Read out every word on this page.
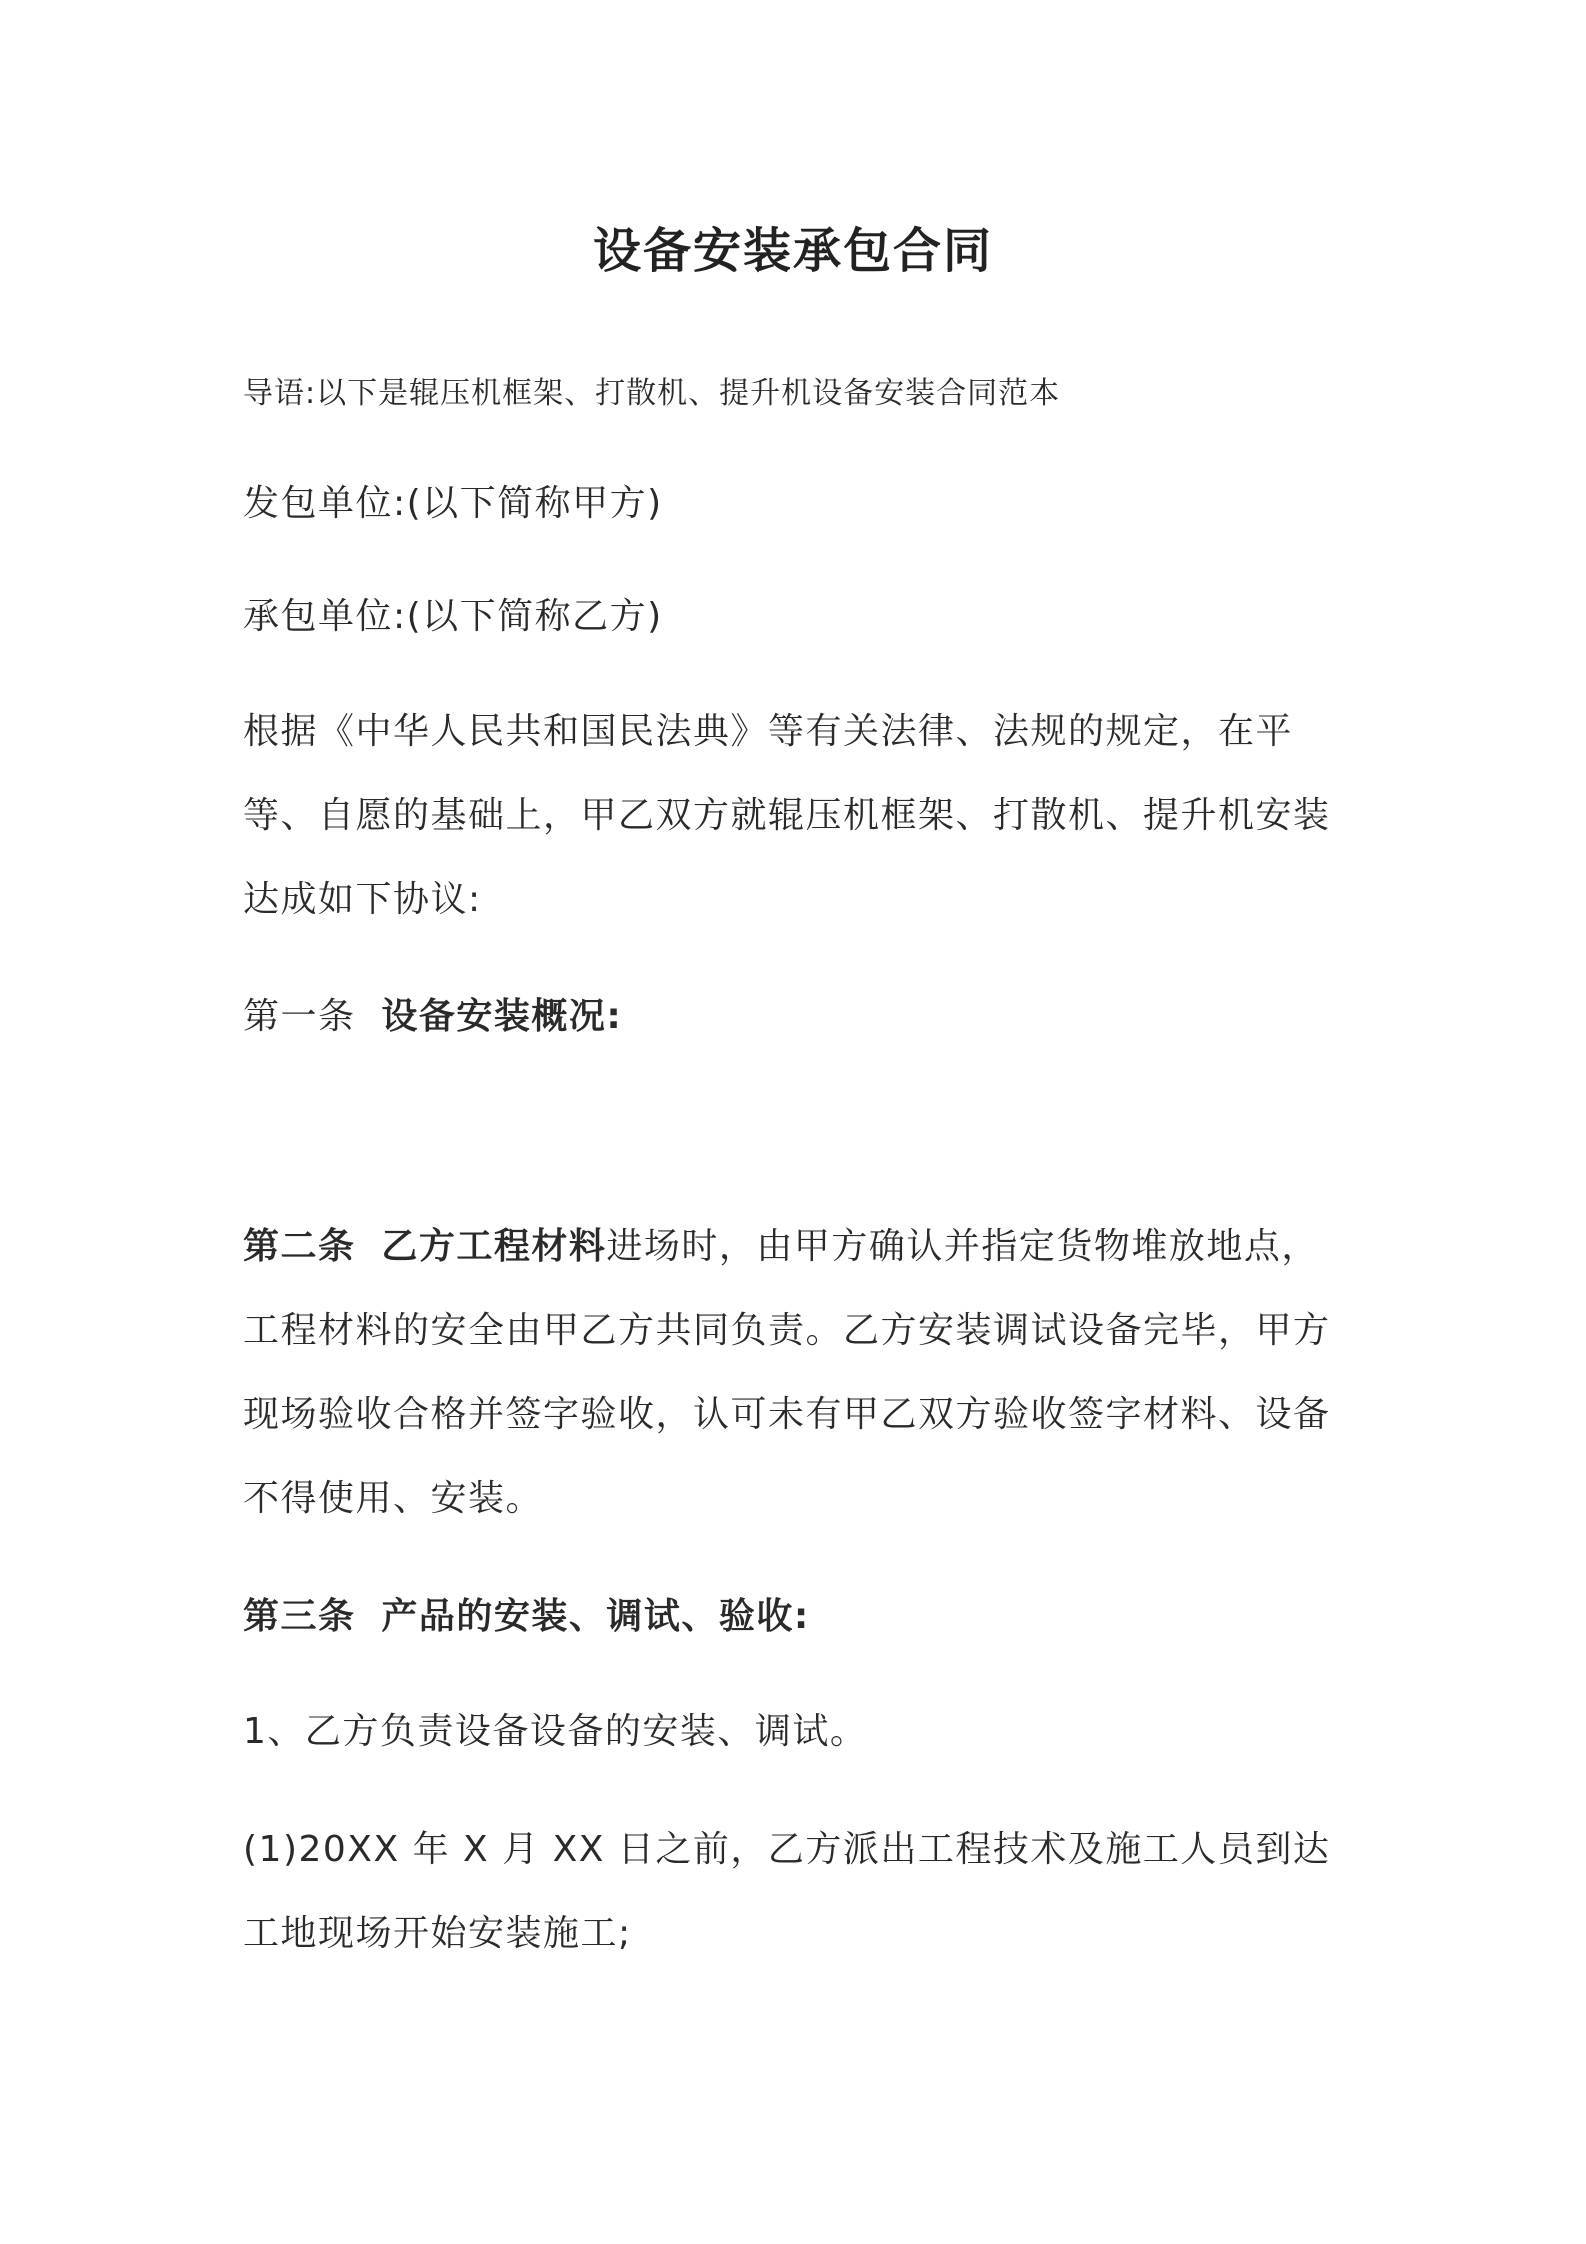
设备安装承包合同

导语:以下是辊压机框架、打散机、提升机设备安装合同范本

发包单位:(以下简称甲方)

承包单位:(以下简称乙方)

根据《中华人民共和国民法典》等有关法律、法规的规定，在平等、自愿的基础上，甲乙双方就辊压机框架、打散机、提升机安装达成如下协议:

第一条 设备安装概况:

第二条 乙方工程材料进场时，由甲方确认并指定货物堆放地点，工程材料的安全由甲乙方共同负责。乙方安装调试设备完毕，甲方现场验收合格并签字验收，认可未有甲乙双方验收签字材料、设备不得使用、安装。

第三条 产品的安装、调试、验收:

1、乙方负责设备设备的安装、调试。

(1)20XX 年 X 月 XX 日之前，乙方派出工程技术及施工人员到达工地现场开始安装施工;
